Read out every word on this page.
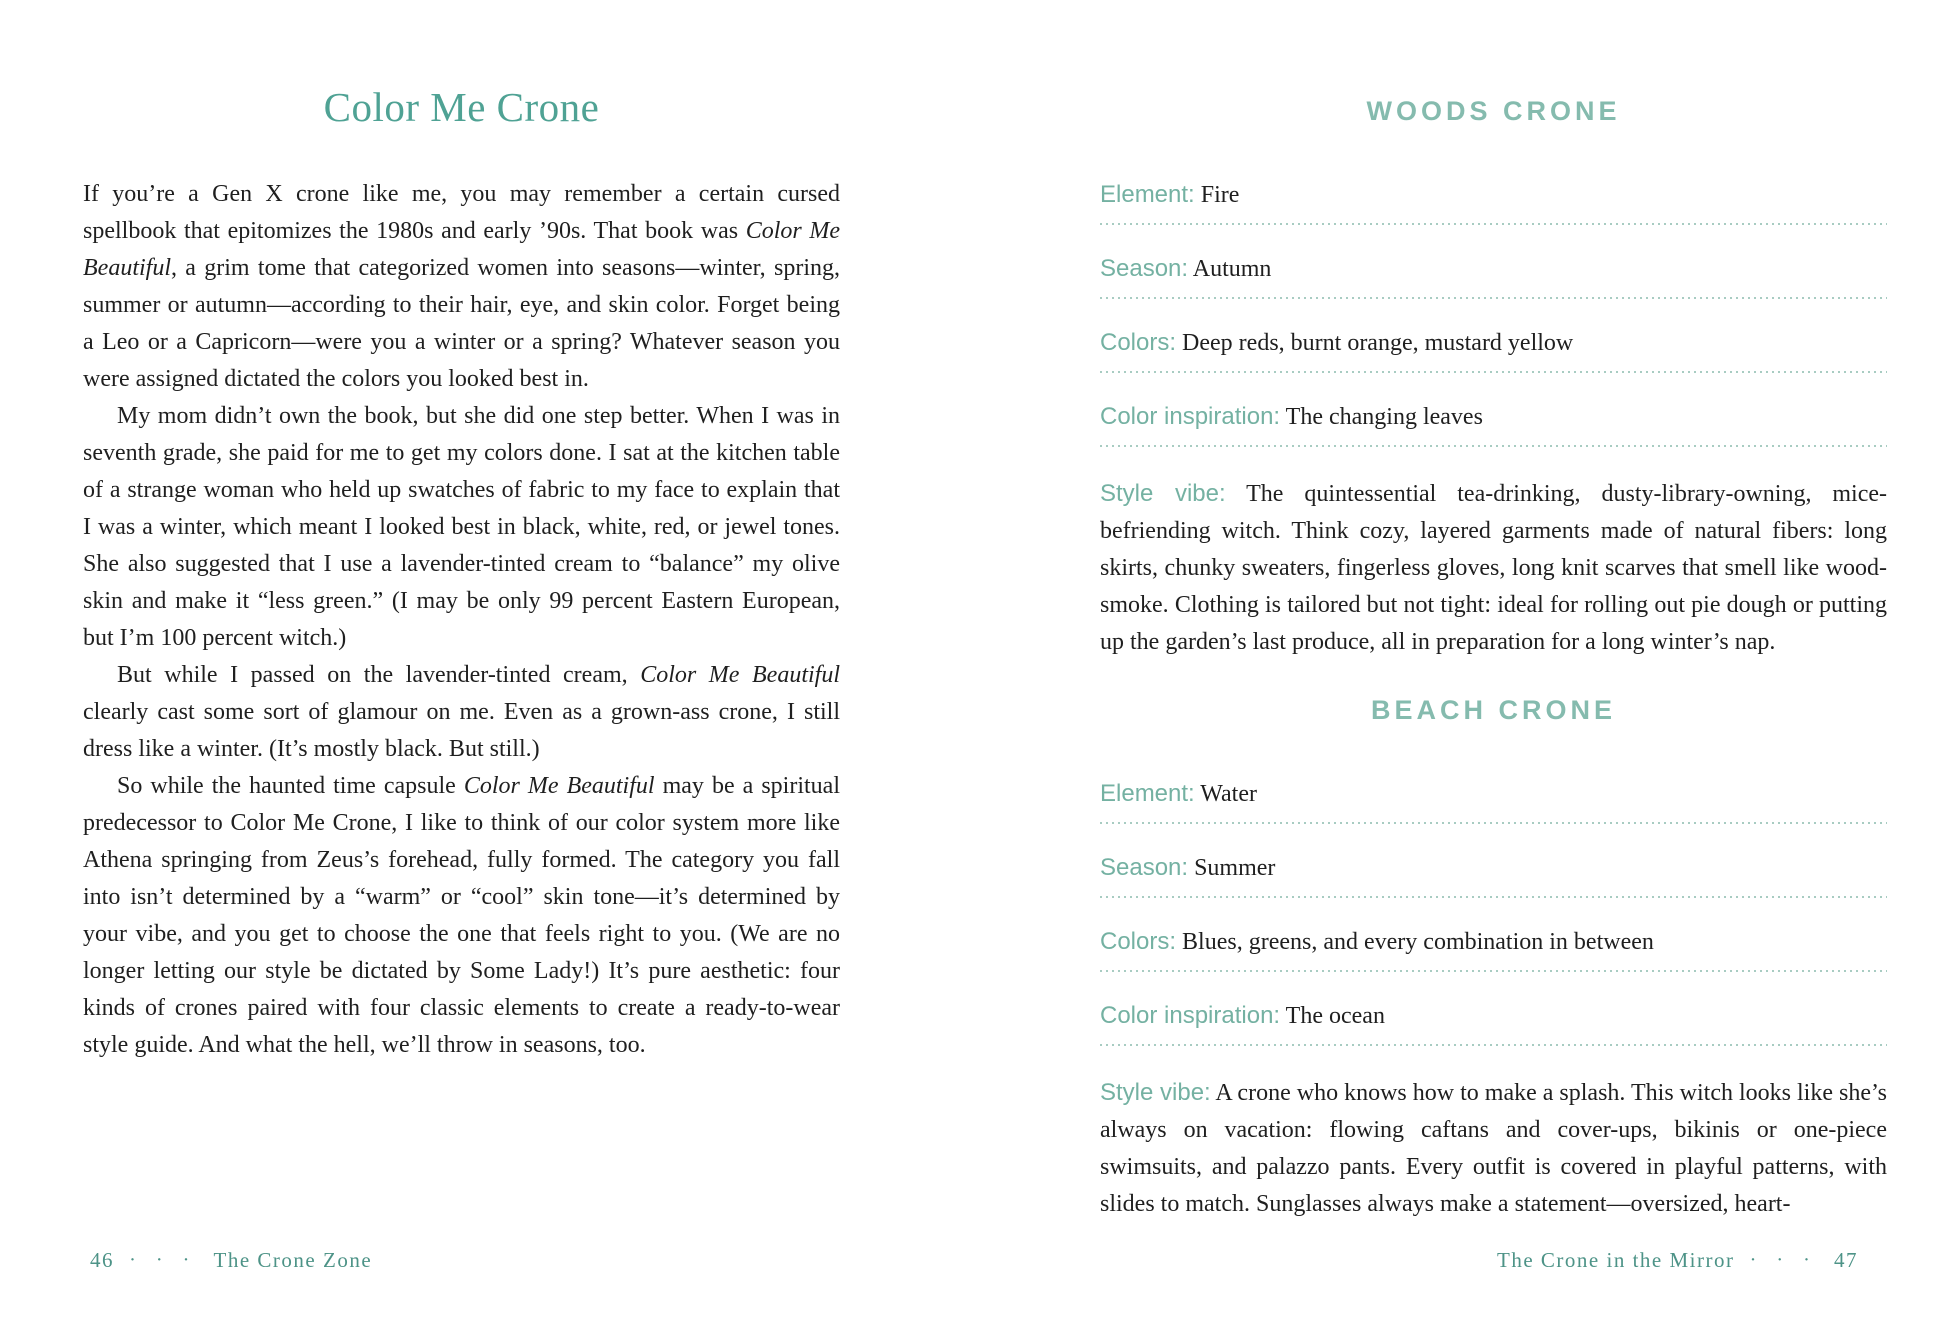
Color Me Crone

If you’re a Gen X crone like me, you may remember a certain cursed spellbook that epitomizes the 1980s and early ’90s. That book was Color Me Beautiful, a grim tome that categorized women into seasons—winter, spring, summer or autumn—according to their hair, eye, and skin color. Forget being a Leo or a Capricorn—were you a winter or a spring? Whatever season you were assigned dictated the colors you looked best in.

My mom didn’t own the book, but she did one step better. When I was in seventh grade, she paid for me to get my colors done. I sat at the kitchen table of a strange woman who held up swatches of fabric to my face to explain that I was a winter, which meant I looked best in black, white, red, or jewel tones. She also suggested that I use a lavender-tinted cream to “balance” my olive skin and make it “less green.” (I may be only 99 percent Eastern European, but I’m 100 percent witch.)

But while I passed on the lavender-tinted cream, Color Me Beautiful clearly cast some sort of glamour on me. Even as a grown-ass crone, I still dress like a winter. (It’s mostly black. But still.)

So while the haunted time capsule Color Me Beautiful may be a spiritual predecessor to Color Me Crone, I like to think of our color system more like Athena springing from Zeus’s forehead, fully formed. The category you fall into isn’t determined by a “warm” or “cool” skin tone—it’s determined by your vibe, and you get to choose the one that feels right to you. (We are no longer letting our style be dictated by Some Lady!) It’s pure aesthetic: four kinds of crones paired with four classic elements to create a ready-to-wear style guide. And what the hell, we’ll throw in seasons, too.

WOODS CRONE
Element: Fire
Season: Autumn
Colors: Deep reds, burnt orange, mustard yellow
Color inspiration: The changing leaves

Style vibe: The quintessential tea-drinking, dusty-library-owning, mice-befriending witch. Think cozy, layered garments made of natural fibers: long skirts, chunky sweaters, fingerless gloves, long knit scarves that smell like wood-smoke. Clothing is tailored but not tight: ideal for rolling out pie dough or putting up the garden’s last produce, all in preparation for a long winter’s nap.

BEACH CRONE
Element: Water
Season: Summer
Colors: Blues, greens, and every combination in between
Color inspiration: The ocean

Style vibe: A crone who knows how to make a splash. This witch looks like she’s always on vacation: flowing caftans and cover-ups, bikinis or one-piece swimsuits, and palazzo pants. Every outfit is covered in playful patterns, with slides to match. Sunglasses always make a statement—oversized, heart-

46 · · · The Crone Zone	The Crone in the Mirror · · · 47
